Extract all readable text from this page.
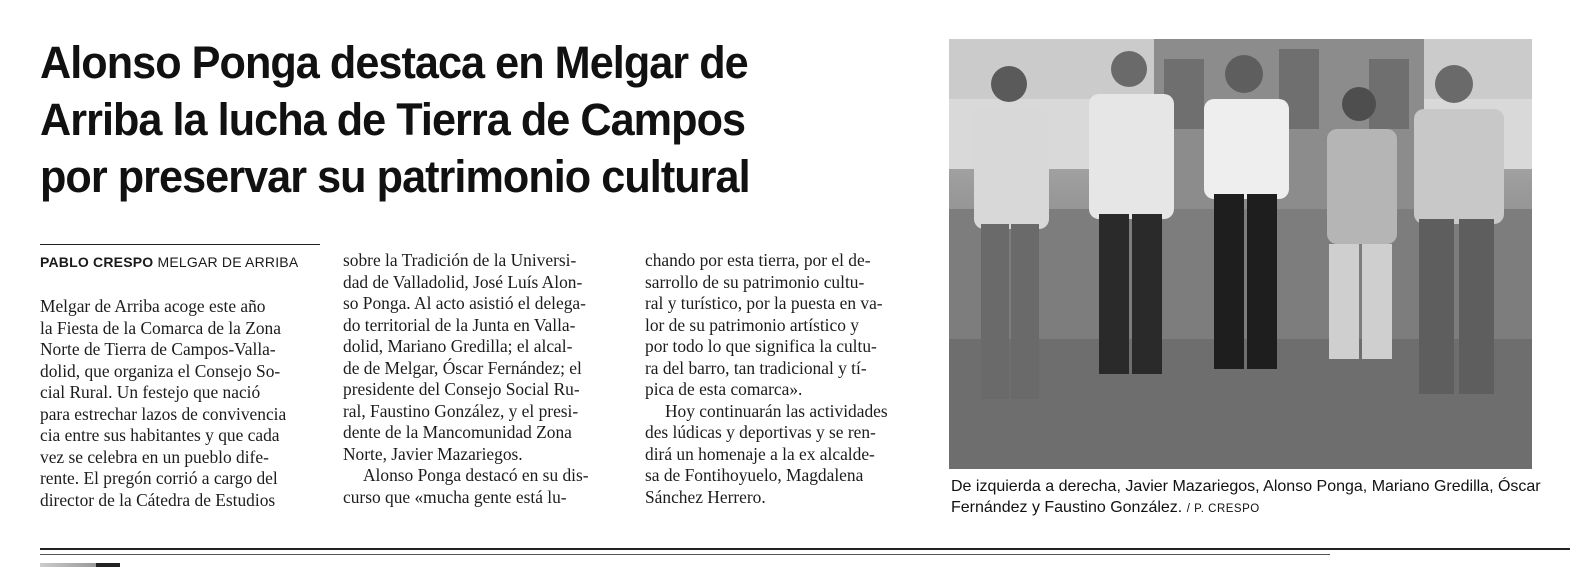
Alonso Ponga destaca en Melgar de
Arriba la lucha de Tierra de Campos
por preservar su patrimonio cultural
PABLO CRESPO MELGAR DE ARRIBA
Melgar de Arriba acoge este año
la Fiesta de la Comarca de la Zona
Norte de Tierra de Campos-Valla-
dolid, que organiza el Consejo So-
cial Rural. Un festejo que nació
para estrechar lazos de convivencia
cia entre sus habitantes y que cada
vez se celebra en un pueblo dife-
rente. El pregón corrió a cargo del
director de la Cátedra de Estudios
sobre la Tradición de la Universi-
dad de Valladolid, José Luís Alon-
so Ponga. Al acto asistió el delega-
do territorial de la Junta en Valla-
dolid, Mariano Gredilla; el alcal-
de de Melgar, Óscar Fernández; el
presidente del Consejo Social Ru-
ral, Faustino González, y el presi-
dente de la Mancomunidad Zona
Norte, Javier Mazariegos.
Alonso Ponga destacó en su dis-
curso que «mucha gente está lu-
chando por esta tierra, por el de-
sarrollo de su patrimonio cultu-
ral y turístico, por la puesta en va-
lor de su patrimonio artístico y
por todo lo que significa la cultu-
ra del barro, tan tradicional y tí-
pica de esta comarca».
Hoy continuarán las actividades
des lúdicas y deportivas y se ren-
dirá un homenaje a la ex alcalde-
sa de Fontihoyuelo, Magdalena
Sánchez Herrero.	De izquierda a derecha, Javier Mazariegos, Alonso Ponga, Mariano Gredilla, Óscar Fernández y Faustino González. / P. CRESPO
